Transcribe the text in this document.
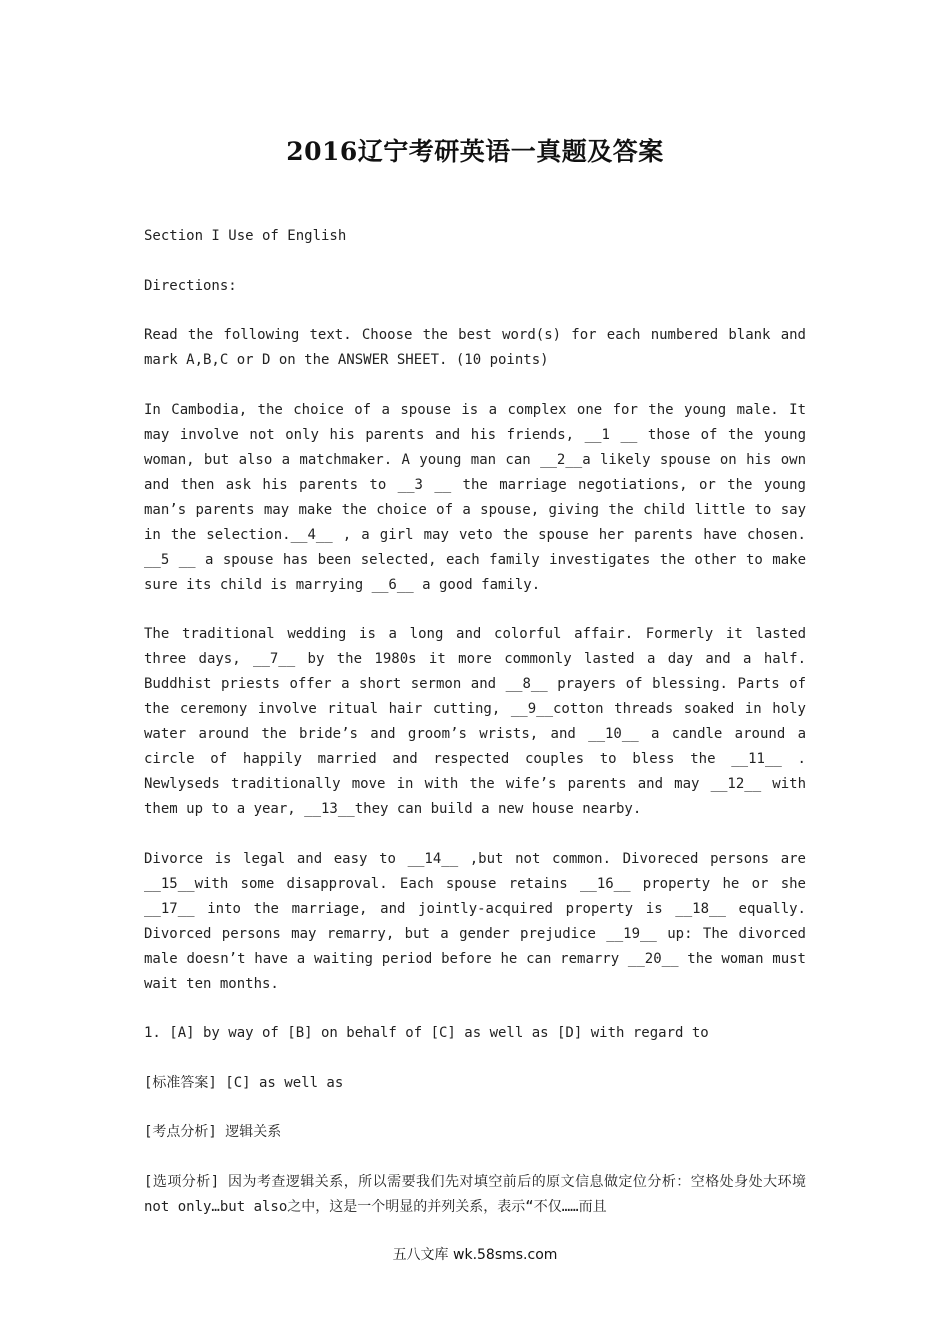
2016辽宁考研英语一真题及答案

Section I Use of English

Directions:

Read the following text. Choose the best word(s) for each numbered blank and mark A,B,C or D on the ANSWER SHEET. (10 points)

In Cambodia, the choice of a spouse is a complex one for the young male. It may involve not only his parents and his friends, __1 __ those of the young woman, but also a matchmaker. A young man can __2__a likely spouse on his own and then ask his parents to __3 __ the marriage negotiations, or the young man’s parents may make the choice of a spouse, giving the child little to say in the selection.__4__ , a girl may veto the spouse her parents have chosen. __5 __ a spouse has been selected, each family investigates the other to make sure its child is marrying __6__ a good family.

The traditional wedding is a long and colorful affair. Formerly it lasted three days, __7__ by the 1980s it more commonly lasted a day and a half. Buddhist priests offer a short sermon and __8__ prayers of blessing. Parts of the ceremony involve ritual hair cutting, __9__cotton threads soaked in holy water around the bride’s and groom’s wrists, and __10__ a candle around a circle of happily married and respected couples to bless the __11__ . Newlyseds traditionally move in with the wife’s parents and may __12__ with them up to a year, __13__they can build a new house nearby.

Divorce is legal and easy to __14__ ,but not common. Divoreced persons are __15__with some disapproval. Each spouse retains __16__ property he or she __17__ into the marriage, and jointly-acquired property is __18__ equally. Divorced persons may remarry, but a gender prejudice __19__ up: The divorced male doesn’t have a waiting period before he can remarry __20__ the woman must wait ten months.

1. [A] by way of [B] on behalf of [C] as well as [D] with regard to

[标准答案] [C] as well as

[考点分析] 逻辑关系

[选项分析] 因为考查逻辑关系，所以需要我们先对填空前后的原文信息做定位分析：空格处身处大环境not only…but also之中，这是一个明显的并列关系，表示“不仅……而且

五八文库 wk.58sms.com
